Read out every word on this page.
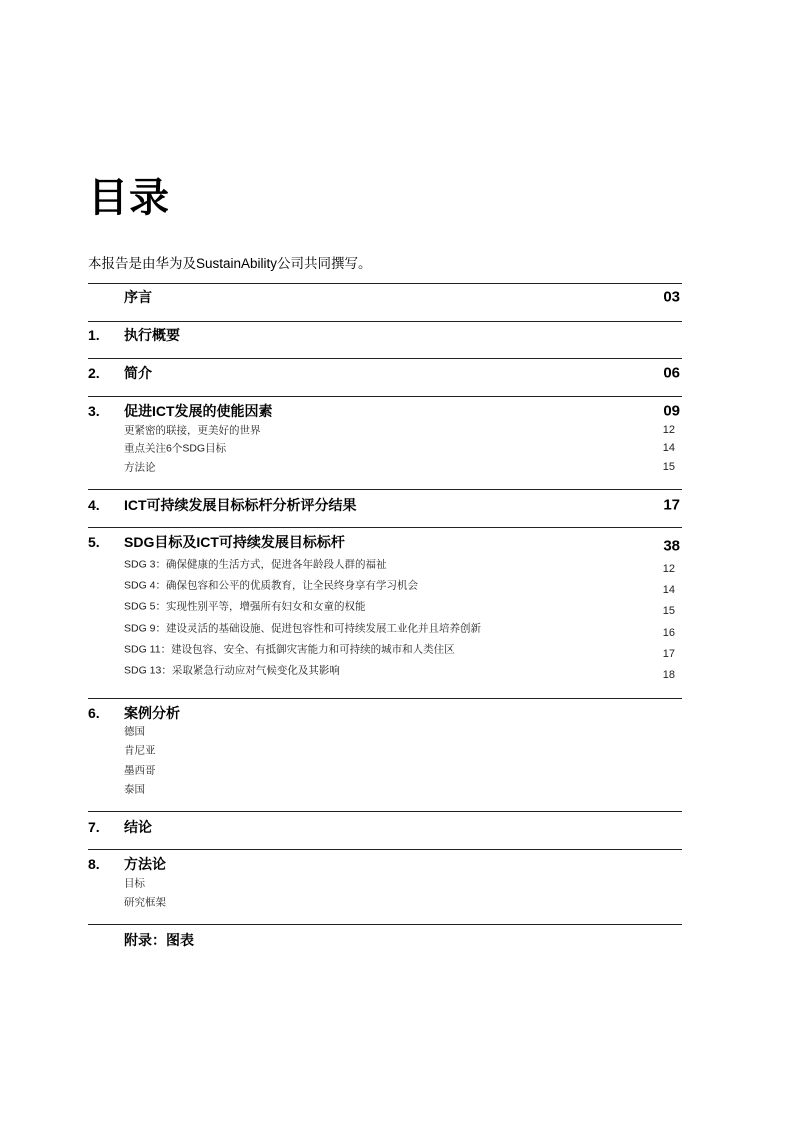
目录
本报告是由华为及SustainAbility公司共同撰写。
序言	03
1. 执行概要
2. 简介	06
3. 促进ICT发展的使能因素	09
更紧密的联接，更美好的世界	12
重点关注6个SDG目标	14
方法论	15
4. ICT可持续发展目标标杆分析评分结果	17
5. SDG目标及ICT可持续发展目标标杆	38
SDG 3：确保健康的生活方式，促进各年龄段人群的福祉	12
SDG 4：确保包容和公平的优质教育，让全民终身享有学习机会	14
SDG 5：实现性别平等，增强所有妇女和女童的权能	15
SDG 9：建设灵活的基础设施、促进包容性和可持续发展工业化并且培养创新	16
SDG 11：建设包容、安全、有抵御灾害能力和可持续的城市和人类住区	17
SDG 13：采取紧急行动应对气候变化及其影响	18
6. 案例分析
德国
肯尼亚
墨西哥
泰国
7. 结论
8. 方法论
目标
研究框架
附录：图表
